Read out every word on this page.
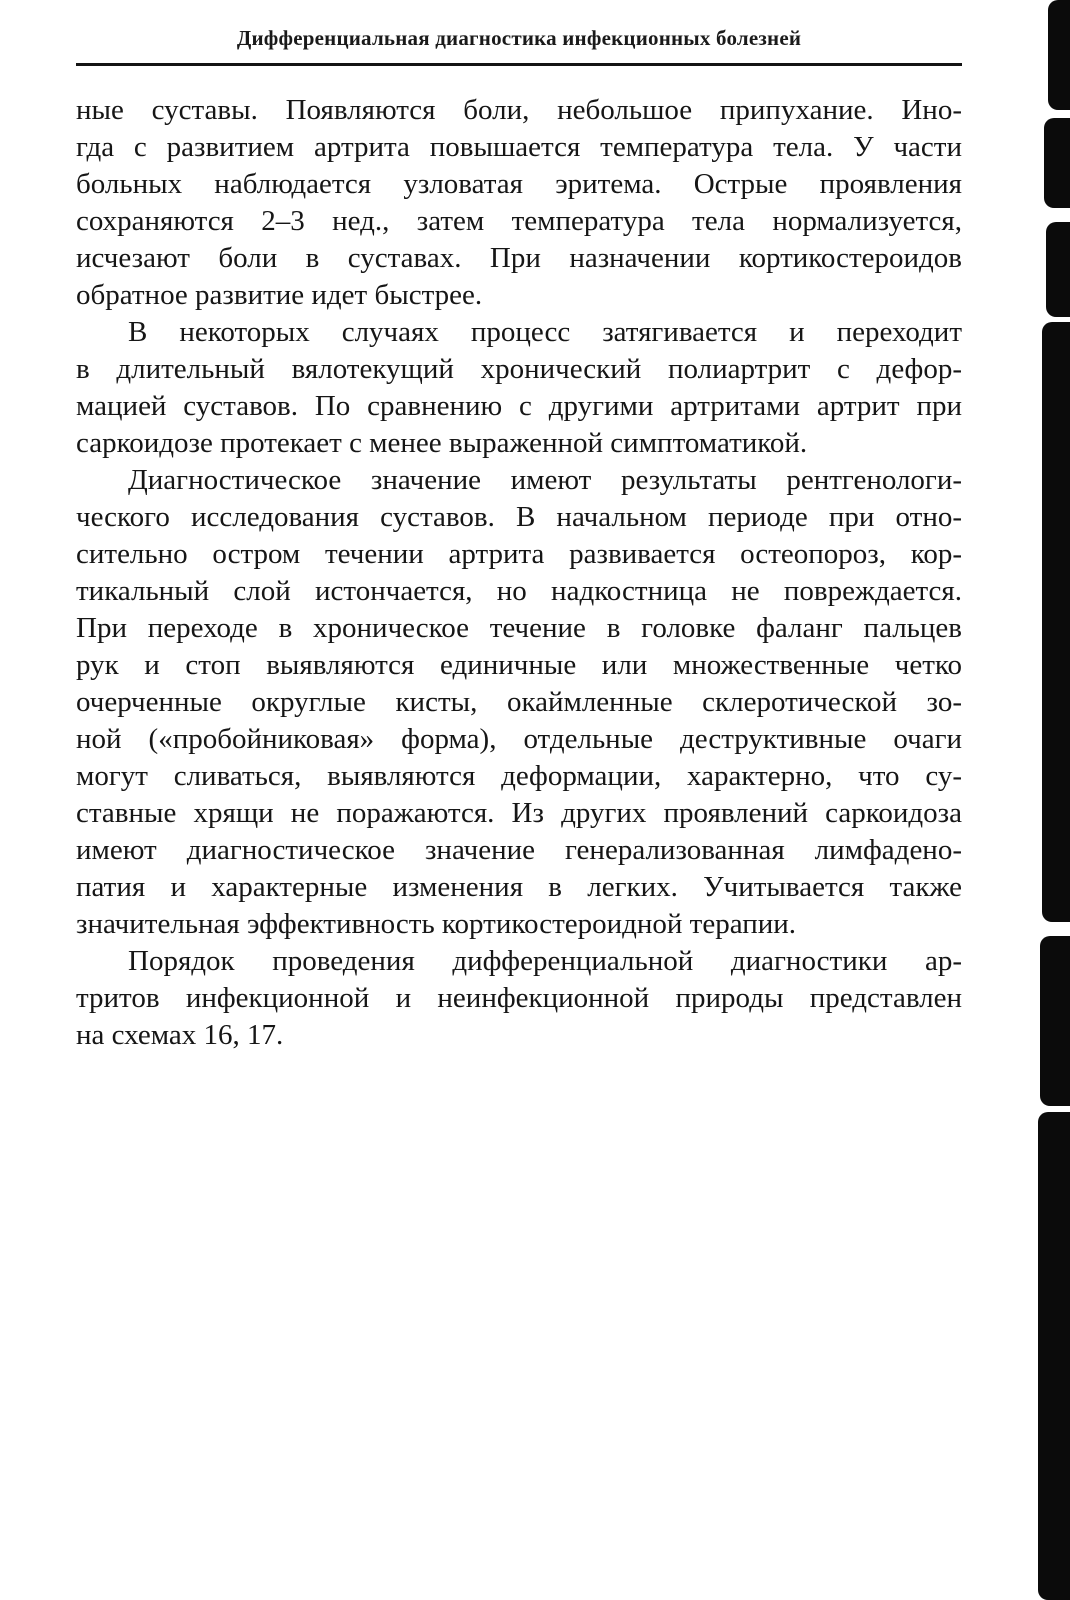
Дифференциальная диагностика инфекционных болезней
ные суставы. Появляются боли, небольшое припухание. Ино-
гда с развитием артрита повышается температура тела. У части
больных наблюдается узловатая эритема. Острые проявления
сохраняются 2–3 нед., затем температура тела нормализуется,
исчезают боли в суставах. При назначении кортикостероидов
обратное развитие идет быстрее.
В некоторых случаях процесс затягивается и переходит
в длительный вялотекущий хронический полиартрит с дефор-
мацией суставов. По сравнению с другими артритами артрит при
саркоидозе протекает с менее выраженной симптоматикой.
Диагностическое значение имеют результаты рентгенологи-
ческого исследования суставов. В начальном периоде при отно-
сительно остром течении артрита развивается остеопороз, кор-
тикальный слой истончается, но надкостница не повреждается.
При переходе в хроническое течение в головке фаланг пальцев
рук и стоп выявляются единичные или множественные четко
очерченные округлые кисты, окаймленные склеротической зо-
ной («пробойниковая» форма), отдельные деструктивные очаги
могут сливаться, выявляются деформации, характерно, что су-
ставные хрящи не поражаются. Из других проявлений саркоидоза
имеют диагностическое значение генерализованная лимфадено-
патия и характерные изменения в легких. Учитывается также
значительная эффективность кортикостероидной терапии.
Порядок проведения дифференциальной диагностики ар-
тритов инфекционной и неинфекционной природы представлен
на схемах 16, 17.
